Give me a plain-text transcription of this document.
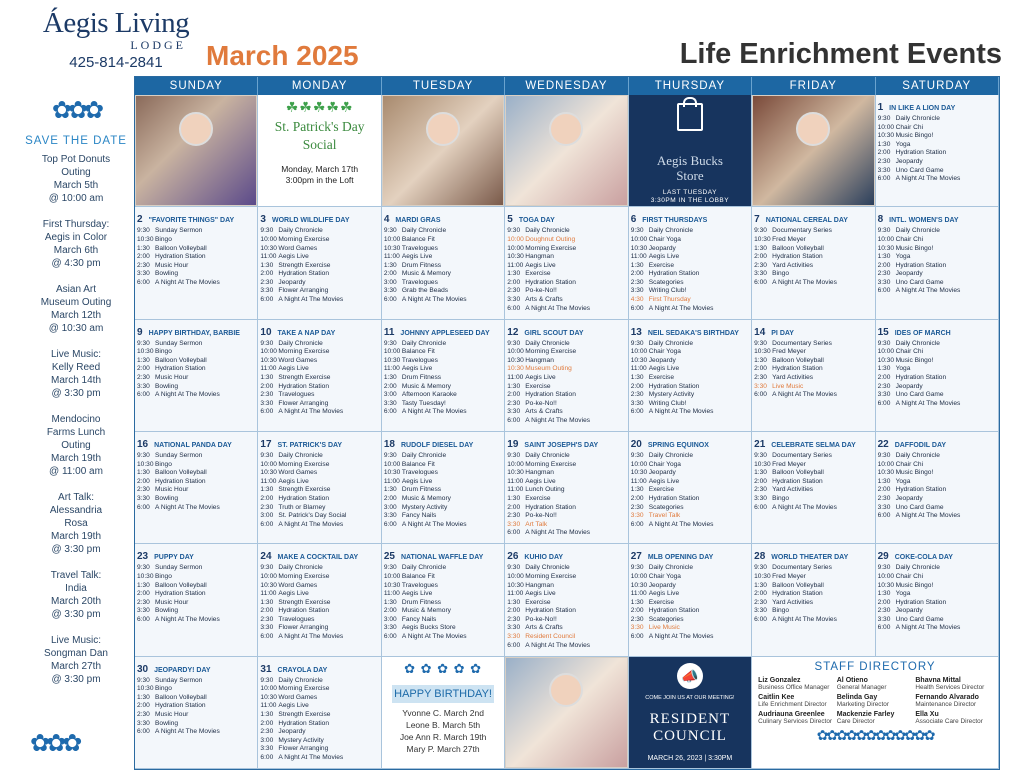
Áegis Living
LODGE
425-814-2841	March 2025	Life Enrichment Events
✿✿✿
SAVE THE DATE
Top Pot Donuts
Outing
March 5th
@ 10:00 am
First Thursday:
Aegis in Color
March 6th
@ 4:30 pm
Asian Art
Museum Outing
March 12th
@ 10:30 am
Live Music:
Kelly Reed
March 14th
@ 3:30 pm
Mendocino
Farms Lunch
Outing
March 19th
@ 11:00 am
Art Talk:
Alessandria
Rosa
March 19th
@ 3:30 pm
Travel Talk:
India
March 20th
@ 3:30 pm
Live Music:
Songman Dan
March 27th
@ 3:30 pm
✿✿✿
SUNDAY	MONDAY	TUESDAY	WEDNESDAY	THURSDAY	FRIDAY	SATURDAY
☘☘☘☘☘
St. Patrick's Day
Social
Monday, March 17th
3:00pm in the Loft
Aegis Bucks
Store
LAST TUESDAY
3:30PM IN THE LOBBY
1 IN LIKE A LION DAY
9:30 Daily Chronicle
10:00Chair Chi
10:30Music Bingo!
1:30 Yoga
2:00 Hydration Station
2:30 Jeopardy
3:30 Uno Card Game
6:00 A Night At The Movies
2 "FAVORITE THINGS" DAY
9:30 Sunday Sermon
10:30Bingo
1:30 Balloon Volleyball
2:00 Hydration Station
2:30 Music Hour
3:30 Bowling
6:00 A Night At The Movies
3 WORLD WILDLIFE DAY
9:30 Daily Chronicle
10:00Morning Exercise
10:30Word Games
11:00 Aegis Live
1:30 Strength Exercise
2:00 Hydration Station
2:30 Jeopardy
3:30 Flower Arranging
6:00 A Night At The Movies
4 MARDI GRAS
9:30 Daily Chronicle
10:00Balance Fit
10:30Travelogues
11:00 Aegis Live
1:30 Drum Fitness
2:00 Music & Memory
3:00 Travelogues
3:30 Grab the Beads
6:00 A Night At The Movies
5 TOGA DAY
9:30 Daily Chronicle
10:00Doughnut Outing
10:00Morning Exercise
10:30Hangman
11:00 Aegis Live
1:30 Exercise
2:00 Hydration Station
2:30 Po-ke-No!!
3:30 Arts & Crafts
6:00 A Night At The Movies
6 FIRST THURSDAYS
9:30 Daily Chronicle
10:00Chair Yoga
10:30Jeopardy
11:00 Aegis Live
1:30 Exercise
2:00 Hydration Station
2:30 Scategories
3:30 Writing Club!
4:30 First Thursday
6:00 A Night At The Movies
7 NATIONAL CEREAL DAY
9:30 Documentary Series
10:30Fred Meyer
1:30 Balloon Volleyball
2:00 Hydration Station
2:30 Yard Activities
3:30 Bingo
6:00 A Night At The Movies
8 INTL. WOMEN'S DAY
9:30 Daily Chronicle
10:00Chair Chi
10:30Music Bingo!
1:30 Yoga
2:00 Hydration Station
2:30 Jeopardy
3:30 Uno Card Game
6:00 A Night At The Movies
9 HAPPY BIRTHDAY, BARBIE
9:30 Sunday Sermon
10:30Bingo
1:30 Balloon Volleyball
2:00 Hydration Station
2:30 Music Hour
3:30 Bowling
6:00 A Night At The Movies
10 TAKE A NAP DAY
9:30 Daily Chronicle
10:00Morning Exercise
10:30Word Games
11:00 Aegis Live
1:30 Strength Exercise
2:00 Hydration Station
2:30 Travelogues
3:30 Flower Arranging
6:00 A Night At The Movies
11 JOHNNY APPLESEED DAY
9:30 Daily Chronicle
10:00Balance Fit
10:30Travelogues
11:00 Aegis Live
1:30 Drum Fitness
2:00 Music & Memory
3:00 Afternoon Karaoke
3:30 Tasty Tuesday!
6:00 A Night At The Movies
12 GIRL SCOUT DAY
9:30 Daily Chronicle
10:00Morning Exercise
10:30Hangman
10:30Museum Outing
11:00 Aegis Live
1:30 Exercise
2:00 Hydration Station
2:30 Po-ke-No!!
3:30 Arts & Crafts
6:00 A Night At The Movies
13 NEIL SEDAKA'S BIRTHDAY
9:30 Daily Chronicle
10:00Chair Yoga
10:30Jeopardy
11:00 Aegis Live
1:30 Exercise
2:00 Hydration Station
2:30 Mystery Activity
3:30 Writing Club!
6:00 A Night At The Movies
14 PI DAY
9:30 Documentary Series
10:30Fred Meyer
1:30 Balloon Volleyball
2:00 Hydration Station
2:30 Yard Activities
3:30 Live Music
6:00 A Night At The Movies
15 IDES OF MARCH
9:30 Daily Chronicle
10:00Chair Chi
10:30Music Bingo!
1:30 Yoga
2:00 Hydration Station
2:30 Jeopardy
3:30 Uno Card Game
6:00 A Night At The Movies
16 NATIONAL PANDA DAY
9:30 Sunday Sermon
10:30Bingo
1:30 Balloon Volleyball
2:00 Hydration Station
2:30 Music Hour
3:30 Bowling
6:00 A Night At The Movies
17 ST. PATRICK'S DAY
9:30 Daily Chronicle
10:00Morning Exercise
10:30Word Games
11:00 Aegis Live
1:30 Strength Exercise
2:00 Hydration Station
2:30 Truth or Blarney
3:00 St. Patrick's Day Social
6:00 A Night At The Movies
18 RUDOLF DIESEL DAY
9:30 Daily Chronicle
10:00Balance Fit
10:30Travelogues
11:00 Aegis Live
1:30 Drum Fitness
2:00 Music & Memory
3:00 Mystery Activity
3:30 Fancy Nails
6:00 A Night At The Movies
19 SAINT JOSEPH'S DAY
9:30 Daily Chronicle
10:00Morning Exercise
10:30Hangman
11:00 Aegis Live
11:00 Lunch Outing
1:30 Exercise
2:00 Hydration Station
2:30 Po-ke-No!!
3:30 Art Talk
6:00 A Night At The Movies
20 SPRING EQUINOX
9:30 Daily Chronicle
10:00Chair Yoga
10:30Jeopardy
11:00 Aegis Live
1:30 Exercise
2:00 Hydration Station
2:30 Scategories
3:30 Travel Talk
6:00 A Night At The Movies
21 CELEBRATE SELMA DAY
9:30 Documentary Series
10:30Fred Meyer
1:30 Balloon Volleyball
2:00 Hydration Station
2:30 Yard Activities
3:30 Bingo
6:00 A Night At The Movies
22 DAFFODIL DAY
9:30 Daily Chronicle
10:00Chair Chi
10:30Music Bingo!
1:30 Yoga
2:00 Hydration Station
2:30 Jeopardy
3:30 Uno Card Game
6:00 A Night At The Movies
23 PUPPY DAY
9:30 Sunday Sermon
10:30Bingo
1:30 Balloon Volleyball
2:00 Hydration Station
2:30 Music Hour
3:30 Bowling
6:00 A Night At The Movies
24 MAKE A COCKTAIL DAY
9:30 Daily Chronicle
10:00Morning Exercise
10:30Word Games
11:00 Aegis Live
1:30 Strength Exercise
2:00 Hydration Station
2:30 Travelogues
3:30 Flower Arranging
6:00 A Night At The Movies
25 NATIONAL WAFFLE DAY
9:30 Daily Chronicle
10:00Balance Fit
10:30Travelogues
11:00 Aegis Live
1:30 Drum Fitness
2:00 Music & Memory
3:00 Fancy Nails
3:30 Aegis Bucks Store
6:00 A Night At The Movies
26 KUHIO DAY
9:30 Daily Chronicle
10:00Morning Exercise
10:30Hangman
11:00 Aegis Live
1:30 Exercise
2:00 Hydration Station
2:30 Po-ke-No!!
3:30 Arts & Crafts
3:30 Resident Council
6:00 A Night At The Movies
27 MLB OPENING DAY
9:30 Daily Chronicle
10:00Chair Yoga
10:30Jeopardy
11:00 Aegis Live
1:30 Exercise
2:00 Hydration Station
2:30 Scategories
3:30 Live Music
6:00 A Night At The Movies
28 WORLD THEATER DAY
9:30 Documentary Series
10:30Fred Meyer
1:30 Balloon Volleyball
2:00 Hydration Station
2:30 Yard Activities
3:30 Bingo
6:00 A Night At The Movies
29 COKE-COLA DAY
9:30 Daily Chronicle
10:00Chair Chi
10:30Music Bingo!
1:30 Yoga
2:00 Hydration Station
2:30 Jeopardy
3:30 Uno Card Game
6:00 A Night At The Movies
30 JEOPARDY! DAY
9:30 Sunday Sermon
10:30Bingo
1:30 Balloon Volleyball
2:00 Hydration Station
2:30 Music Hour
3:30 Bowling
6:00 A Night At The Movies
31 CRAYOLA DAY
9:30 Daily Chronicle
10:00Morning Exercise
10:30Word Games
11:00 Aegis Live
1:30 Strength Exercise
2:00 Hydration Station
2:30 Jeopardy
3:00 Mystery Activity
3:30 Flower Arranging
6:00 A Night At The Movies
✿ ✿ ✿ ✿ ✿
HAPPY BIRTHDAY!
Yvonne C. March 2nd
Leone B. March 5th
Joe Ann R. March 19th
Mary P. March 27th
📣
COME JOIN US AT OUR MEETING!
RESIDENT
COUNCIL
MARCH 26, 2023 | 3:30PM
STAFF DIRECTORY
Liz Gonzalez
Business Office Manager
Al Otieno
General Manager
Bhavna Mittal
Health Services Director
Caitlin Kee
Life Enrichment Director
Belinda Gay
Marketing Director
Fernando Alvarado
Maintenance Director
Audriauna Greenlee
Culinary Services Director
Mackenzie Farley
Care Director
Ella Xu
Associate Care Director
✿✿✿✿✿✿✿✿✿✿✿✿
